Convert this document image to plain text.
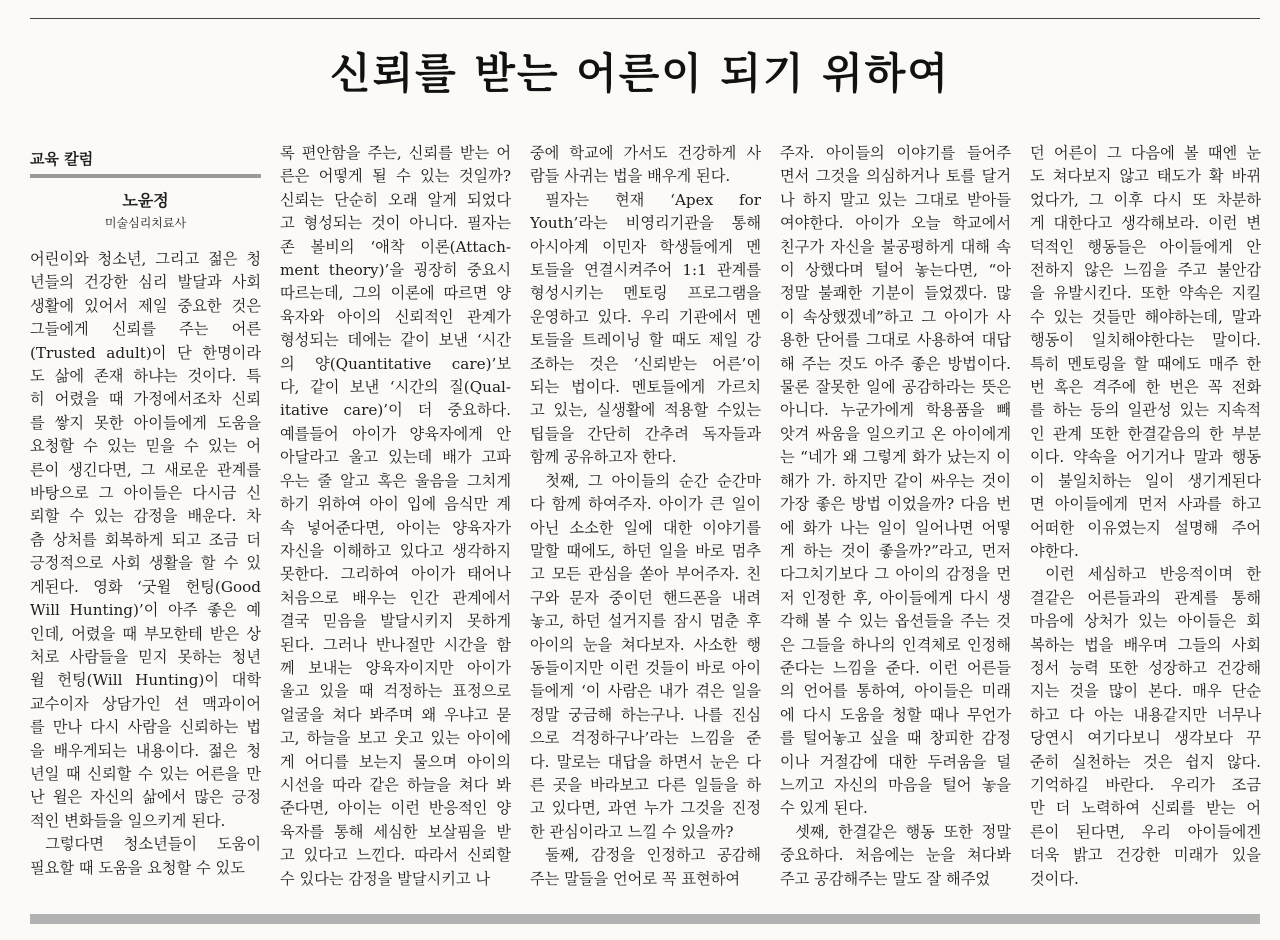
신뢰를 받는 어른이 되기 위하여
교육 칼럼
노윤정
미술심리치료사

어린이와 청소년, 그리고 젊은 청

년들의 건강한 심리 발달과 사회

생활에 있어서 제일 중요한 것은

그들에게 신뢰를 주는 어른

(Trusted adult)이 단 한명이라

도 삶에 존재 하냐는 것이다. 특

히 어렸을 때 가정에서조차 신뢰

를 쌓지 못한 아이들에게 도움을

요청할 수 있는 믿을 수 있는 어

른이 생긴다면, 그 새로운 관계를

바탕으로 그 아이들은 다시금 신

뢰할 수 있는 감정을 배운다. 차

츰 상처를 회복하게 되고 조금 더

긍정적으로 사회 생활을 할 수 있

게된다. 영화 ‘굿윌 헌팅(Good

Will Hunting)’이 아주 좋은 예

인데, 어렸을 때 부모한테 받은 상

처로 사람들을 믿지 못하는 청년

윌 헌팅(Will Hunting)이 대학

교수이자 상담가인 션 맥과이어

를 만나 다시 사람을 신뢰하는 법

을 배우게되는 내용이다. 젊은 청

년일 때 신뢰할 수 있는 어른을 만

난 윌은 자신의 삶에서 많은 긍정

적인 변화들을 일으키게 된다.

그렇다면 청소년들이 도움이

필요할 때 도움을 요청할 수 있도

록 편안함을 주는, 신뢰를 받는 어

른은 어떻게 될 수 있는 것일까?

신뢰는 단순히 오래 알게 되었다

고 형성되는 것이 아니다. 필자는

존 볼비의 ‘애착 이론(Attach-

ment theory)’을 굉장히 중요시

따르는데, 그의 이론에 따르면 양

육자와 아이의 신뢰적인 관계가

형성되는 데에는 같이 보낸 ‘시간

의 양(Quantitative care)’보

다, 같이 보낸 ‘시간의 질(Qual-

itative care)’이 더 중요하다.

예를들어 아이가 양육자에게 안

아달라고 울고 있는데 배가 고파

우는 줄 알고 혹은 울음을 그치게

하기 위하여 아이 입에 음식만 계

속 넣어준다면, 아이는 양육자가

자신을 이해하고 있다고 생각하지

못한다. 그리하여 아이가 태어나

처음으로 배우는 인간 관계에서

결국 믿음을 발달시키지 못하게

된다. 그러나 반나절만 시간을 함

께 보내는 양육자이지만 아이가

울고 있을 때 걱정하는 표정으로

얼굴을 쳐다 봐주며 왜 우냐고 묻

고, 하늘을 보고 웃고 있는 아이에

게 어디를 보는지 물으며 아이의

시선을 따라 같은 하늘을 쳐다 봐

준다면, 아이는 이런 반응적인 양

육자를 통해 세심한 보살핌을 받

고 있다고 느낀다. 따라서 신뢰할

수 있다는 감정을 발달시키고 나

중에 학교에 가서도 건강하게 사

람들 사귀는 법을 배우게 된다.

필자는 현재 ‘Apex for

Youth’라는 비영리기관을 통해

아시아계 이민자 학생들에게 멘

토들을 연결시켜주어 1:1 관계를

형성시키는 멘토링 프로그램을

운영하고 있다. 우리 기관에서 멘

토들을 트레이닝 할 때도 제일 강

조하는 것은 ‘신뢰받는 어른’이

되는 법이다. 멘토들에게 가르치

고 있는, 실생활에 적용할 수있는

팁들을 간단히 간추려 독자들과

함께 공유하고자 한다.

첫째, 그 아이들의 순간 순간마

다 함께 하여주자. 아이가 큰 일이

아닌 소소한 일에 대한 이야기를

말할 때에도, 하던 일을 바로 멈추

고 모든 관심을 쏟아 부어주자. 친

구와 문자 중이던 핸드폰을 내려

놓고, 하던 설거지를 잠시 멈춘 후

아이의 눈을 쳐다보자. 사소한 행

동들이지만 이런 것들이 바로 아이

들에게 ‘이 사람은 내가 겪은 일을

정말 궁금해 하는구나. 나를 진심

으로 걱정하구나’라는 느낌을 준

다. 말로는 대답을 하면서 눈은 다

른 곳을 바라보고 다른 일들을 하

고 있다면, 과연 누가 그것을 진정

한 관심이라고 느낄 수 있을까?

둘째, 감정을 인정하고 공감해

주는 말들을 언어로 꼭 표현하여

주자. 아이들의 이야기를 들어주

면서 그것을 의심하거나 토를 달거

나 하지 말고 있는 그대로 받아들

여야한다. 아이가 오늘 학교에서

친구가 자신을 불공평하게 대해 속

이 상했다며 털어 놓는다면, “아

정말 불쾌한 기분이 들었겠다. 많

이 속상했겠네”하고 그 아이가 사

용한 단어를 그대로 사용하여 대답

해 주는 것도 아주 좋은 방법이다.

물론 잘못한 일에 공감하라는 뜻은

아니다. 누군가에게 학용품을 빼

앗겨 싸움을 일으키고 온 아이에게

는 “네가 왜 그렇게 화가 났는지 이

해가 가. 하지만 같이 싸우는 것이

가장 좋은 방법 이었을까? 다음 번

에 화가 나는 일이 일어나면 어떻

게 하는 것이 좋을까?”라고, 먼저

다그치기보다 그 아이의 감정을 먼

저 인정한 후, 아이들에게 다시 생

각해 볼 수 있는 옵션들을 주는 것

은 그들을 하나의 인격체로 인정해

준다는 느낌을 준다. 이런 어른들

의 언어를 통하여, 아이들은 미래

에 다시 도움을 청할 때나 무언가

를 털어놓고 싶을 때 창피한 감정

이나 거절감에 대한 두려움을 덜

느끼고 자신의 마음을 털어 놓을

수 있게 된다.

셋째, 한결같은 행동 또한 정말

중요하다. 처음에는 눈을 쳐다봐

주고 공감해주는 말도 잘 해주었

던 어른이 그 다음에 볼 때엔 눈

도 쳐다보지 않고 태도가 확 바뀌

었다가, 그 이후 다시 또 차분하

게 대한다고 생각해보라. 이런 변

덕적인 행동들은 아이들에게 안

전하지 않은 느낌을 주고 불안감

을 유발시킨다. 또한 약속은 지킬

수 있는 것들만 해야하는데, 말과

행동이 일치해야한다는 말이다.

특히 멘토링을 할 때에도 매주 한

번 혹은 격주에 한 번은 꼭 전화

를 하는 등의 일관성 있는 지속적

인 관계 또한 한결같음의 한 부분

이다. 약속을 어기거나 말과 행동

이 불일치하는 일이 생기게된다

면 아이들에게 먼저 사과를 하고

어떠한 이유였는지 설명해 주어

야한다.

이런 세심하고 반응적이며 한

결같은 어른들과의 관계를 통해

마음에 상처가 있는 아이들은 회

복하는 법을 배우며 그들의 사회

정서 능력 또한 성장하고 건강해

지는 것을 많이 본다. 매우 단순

하고 다 아는 내용같지만 너무나

당연시 여기다보니 생각보다 꾸

준히 실천하는 것은 쉽지 않다.

기억하길 바란다. 우리가 조금

만 더 노력하여 신뢰를 받는 어

른이 된다면, 우리 아이들에겐

더욱 밝고 건강한 미래가 있을

것이다.
